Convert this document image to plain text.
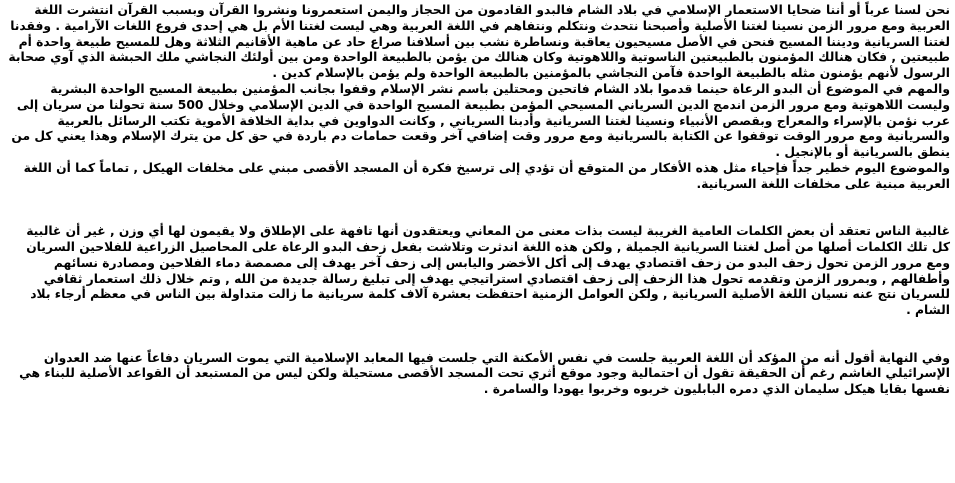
نحن لسنا عرباً أو أننا ضحايا الاستعمار الإسلامي في بلاد الشام فالبدو القادمون من الحجاز واليمن استعمرونا ونشروا القرآن وبسبب القرآن انتشرت اللغة العربية ومع مرور الزمن نسينا لغتنا الأصلية وأصبحنا نتحدث ونتكلم ونتفاهم في اللغة العربية وهي ليست لغتنا الأم بل هي إحدى فروع اللغات الآرامية . وفقدنا لغتنا السريانية وديننا المسيح فنحن في الأصل مسيحيون يعاقبة ونساطرة نشب بين أسلافنا صراع حاد عن ماهية الأقانيم الثلاثة وهل للمسيح طبيعة واحدة أم طبيعتين , فكان هنالك المؤمنون بالطبيعتين الناسوتية واللاهوتية وكان هنالك من يؤمن بالطبيعة الواحدة ومن بين أولئك النجاشي ملك الحبشة الذي آوي صحابة الرسول لأنهم يؤمنون مثله بالطبيعة الواحدة فآمن النجاشي بالمؤمنين بالطبيعة الواحدة ولم يؤمن بالإسلام كدين .

والمهم في الموضوع أن البدو الرعاة حينما قدموا بلاد الشام فاتحين ومحتلين باسم نشر الإسلام وقفوا بجانب المؤمنين بطبيعة المسيح الواحدة البشرية وليست اللاهوتية ومع مرور الزمن اندمج الدين السرياني المسيحي المؤمن بطبيعة المسيح الواحدة في الدين الإسلامي وخلال 500 سنة تحولنا من سريان إلى عرب نؤمن بالإسراء والمعراج وبقصص الأنبياء ونسينا لغتنا السريانية وأدبنا السرياني , وكانت الدواوين في بداية الخلافة الأموية تكتب الرسائل بالعربية والسريانية ومع مرور الوقت توقفوا عن الكتابة بالسريانية ومع مرور وقت إضافي آخر وقعت حمامات دم باردة في حق كل من يترك الإسلام وهذا يعني كل من ينطق بالسريانية أو بالإنجيل .

والموضوع اليوم خطير جداً فإحياء مثل هذه الأفكار من المتوقع أن تؤدي إلى ترسيخ فكرة أن المسجد الأقصى مبني على مخلفات الهيكل , تماماً كما أن اللغة العربية مبنية على مخلفات اللغة السريانية.

غالبية الناس تعتقد أن بعض الكلمات العامية الغريبة ليست بذات معنى من المعاني ويعتقدون أنها تافهة على الإطلاق ولا يقيمون لها أي وزن , غير أن غالبية كل تلك الكلمات أصلها من أصل لغتنا السريانية الجميلة , ولكن هذه اللغة اندثرت وتلاشت بفعل زحف البدو الرعاة على المحاصيل الزراعية للفلاحين السريان ومع مرور الزمن تحول زحف البدو من زحف اقتصادي يهدف إلى أكل الأخضر واليابس إلى زحف آخر يهدف إلى مصمصة دماء الفلاحين ومصادرة نسائهم وأطفالهم , وبمرور الزمن وتقدمه تحول هذا الزحف إلى زحف اقتصادي استراتيجي يهدف إلى تبليغ رسالة جديدة من الله , وتم خلال ذلك استعمار ثقافي للسريان نتج عنه نسيان اللغة الأصلية السريانية , ولكن العوامل الزمنية احتفظت بعشرة آلاف كلمة سريانية ما زالت متداولة بين الناس في معظم أرجاء بلاد الشام .

وفي النهاية أقول أنه من المؤكد أن اللغة العربية جلست في نفس الأمكنة التي جلست فيها المعابد الإسلامية التي يموت السريان دفاعاً عنها ضد العدوان الإسرائيلي الغاشم رغم أن الحقيقة تقول أن احتمالية وجود موقع أثري تحت المسجد الأقصى مستحيلة ولكن ليس من المستبعد أن القواعد الأصلية للبناء هي نفسها بقايا هيكل سليمان الذي دمره البابليون خربوه وخربوا يهودا والسامرة .
